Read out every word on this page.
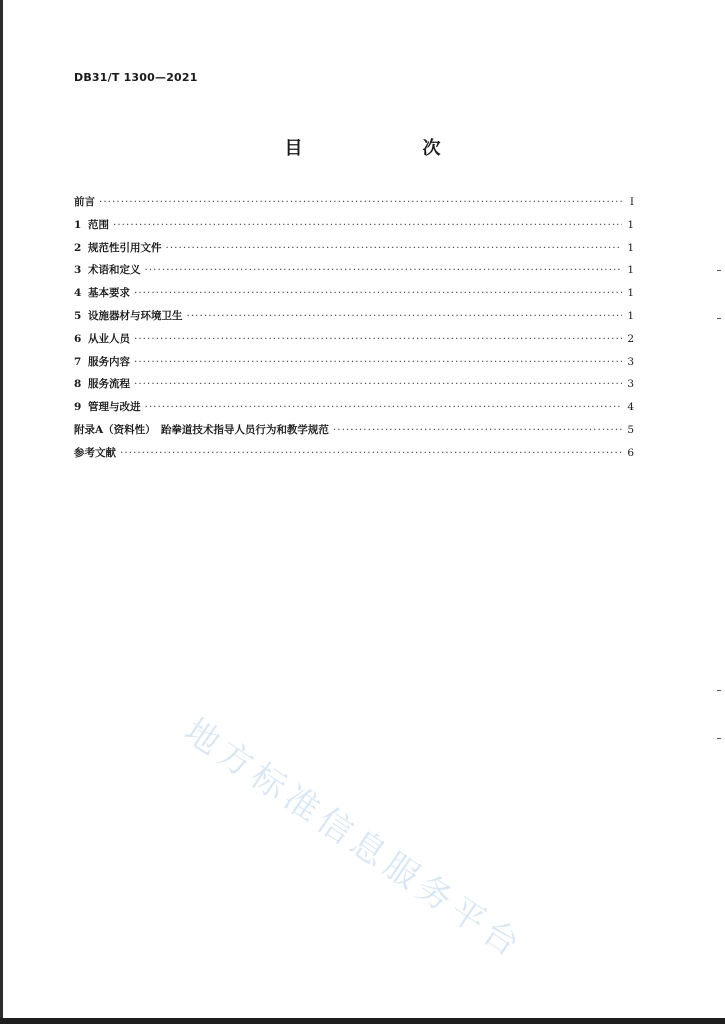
DB31/T 1300—2021
目　　次
前言 ·····	I
1 范围 ·····	1
2 规范性引用文件 ·····	1
3 术语和定义 ·····	1
4 基本要求 ·····	1
5 设施器材与环境卫生 ·····	1
6 从业人员 ·····	2
7 服务内容 ·····	3
8 服务流程 ·····	3
9 管理与改进 ·····	4
附录A（资料性）　跆拳道技术指导人员行为和教学规范 ·····	5
参考文献 ·····	6
地方标准信息服务平台
